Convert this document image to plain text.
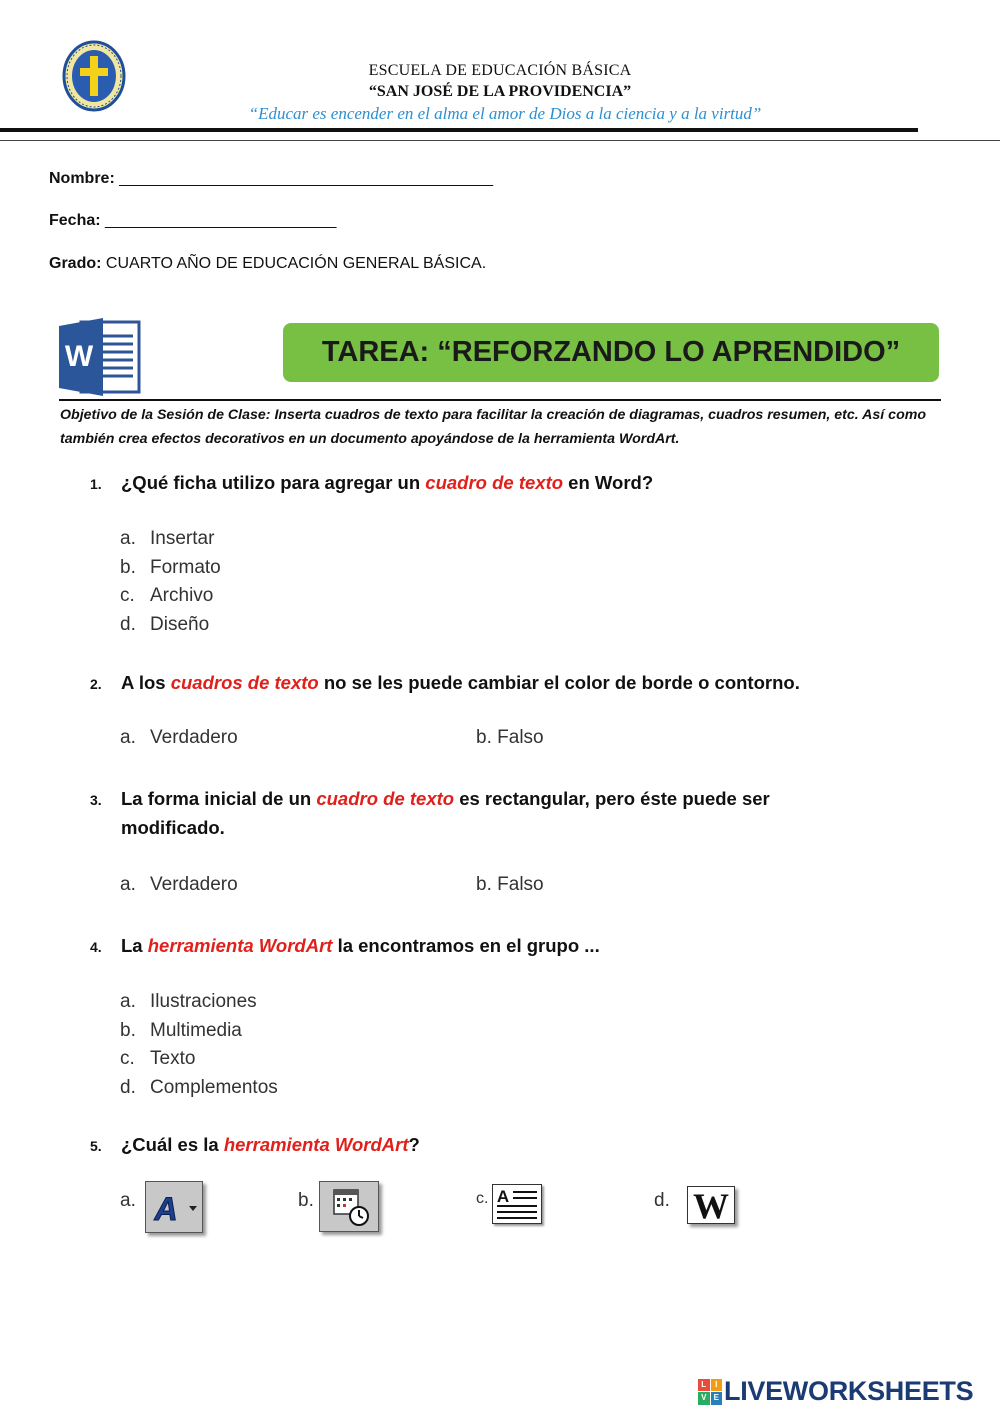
ESCUELA DE EDUCACIÓN BÁSICA
“SAN JOSÉ DE LA PROVIDENCIA”
“Educar es encender en el alma el amor de Dios a la ciencia y a la virtud”
Nombre: __________________________________________
Fecha: __________________________
Grado: CUARTO AÑO DE EDUCACIÓN GENERAL BÁSICA.
W	TAREA: “REFORZANDO LO APRENDIDO”
Objetivo de la Sesión de Clase: Inserta cuadros de texto para facilitar la creación de diagramas, cuadros resumen, etc. Así como también crea efectos decorativos en un documento apoyándose de la herramienta WordArt.
1. ¿Qué ficha utilizo para agregar un cuadro de texto en Word?
a. Insertar
b. Formato
c. Archivo
d. Diseño
2. A los cuadros de texto no se les puede cambiar el color de borde o contorno.
a. Verdadero	b. Falso
3. La forma inicial de un cuadro de texto es rectangular, pero éste puede ser
modificado.
a. Verdadero	b. Falso
4. La herramienta WordArt la encontramos en el grupo ...
a. Ilustraciones
b. Multimedia
c. Texto
d. Complementos
5. ¿Cuál es la herramienta WordArt?
a. A	b.	c. A	d. W
L	I
V E LIVEWORKSHEETS
